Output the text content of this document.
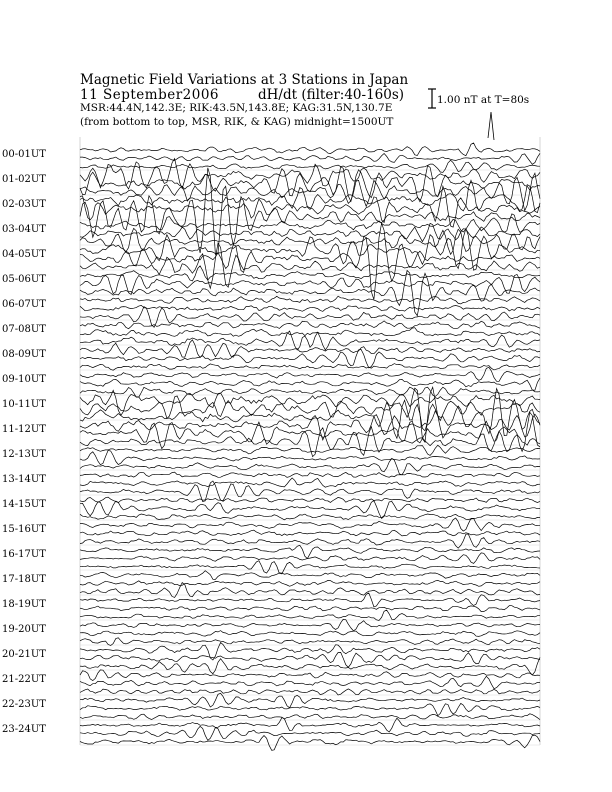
Magnetic Field Variations at 3 Stations in Japan
11 September2006	dH/dt (filter:40-160s)
MSR:44.4N,142.3E; RIK:43.5N,143.8E; KAG:31.5N,130.7E
(from bottom to top, MSR, RIK, & KAG) midnight=1500UT
1.00 nT at T=80s
00-01UT
01-02UT
02-03UT
03-04UT
04-05UT
05-06UT
06-07UT
07-08UT
08-09UT
09-10UT
10-11UT
11-12UT
12-13UT
13-14UT
14-15UT
15-16UT
16-17UT
17-18UT
18-19UT
19-20UT
20-21UT
21-22UT
22-23UT
23-24UT
